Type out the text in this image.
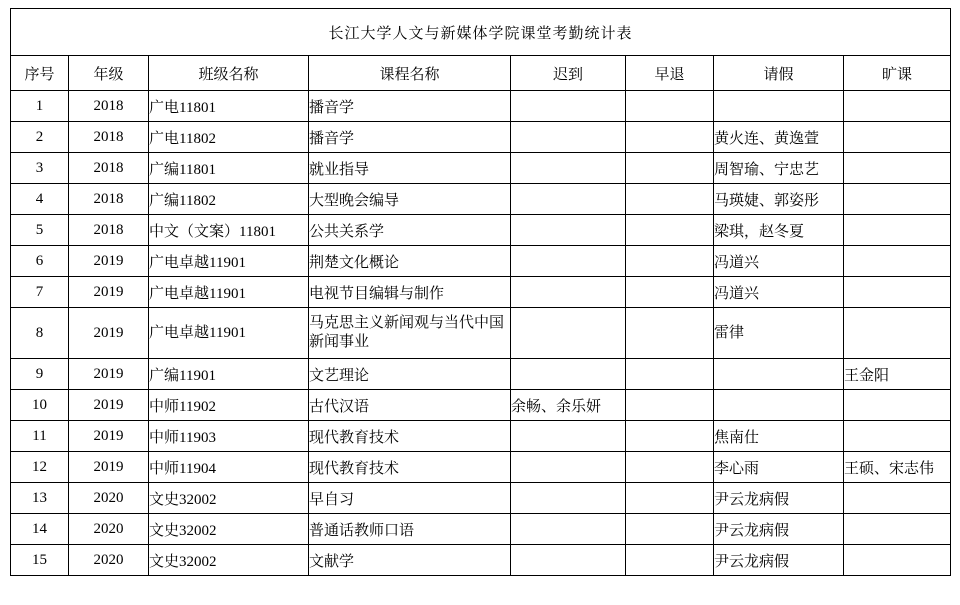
长江大学人文与新媒体学院课堂考勤统计表							
序号	年级	班级名称	课程名称	迟到	早退	请假	旷课
1	2018	广电11801	播音学				
2	2018	广电11802	播音学			黄火连、黄逸萱	
3	2018	广编11801	就业指导			周智瑜、宁忠艺	
4	2018	广编11802	大型晚会编导			马瑛婕、郭姿彤	
5	2018	中文（文案）11801	公共关系学			梁琪，赵冬夏	
6	2019	广电卓越11901	荆楚文化概论			冯道兴	
7	2019	广电卓越11901	电视节目编辑与制作			冯道兴	
8	2019	广电卓越11901	马克思主义新闻观与当代中国新闻事业			雷律	
9	2019	广编11901	文艺理论				王金阳
10	2019	中师11902	古代汉语	余畅、余乐妍			
11	2019	中师11903	现代教育技术			焦南仕	
12	2019	中师11904	现代教育技术			李心雨	王硕、宋志伟
13	2020	文史32002	早自习			尹云龙病假	
14	2020	文史32002	普通话教师口语			尹云龙病假	
15	2020	文史32002	文献学			尹云龙病假	
